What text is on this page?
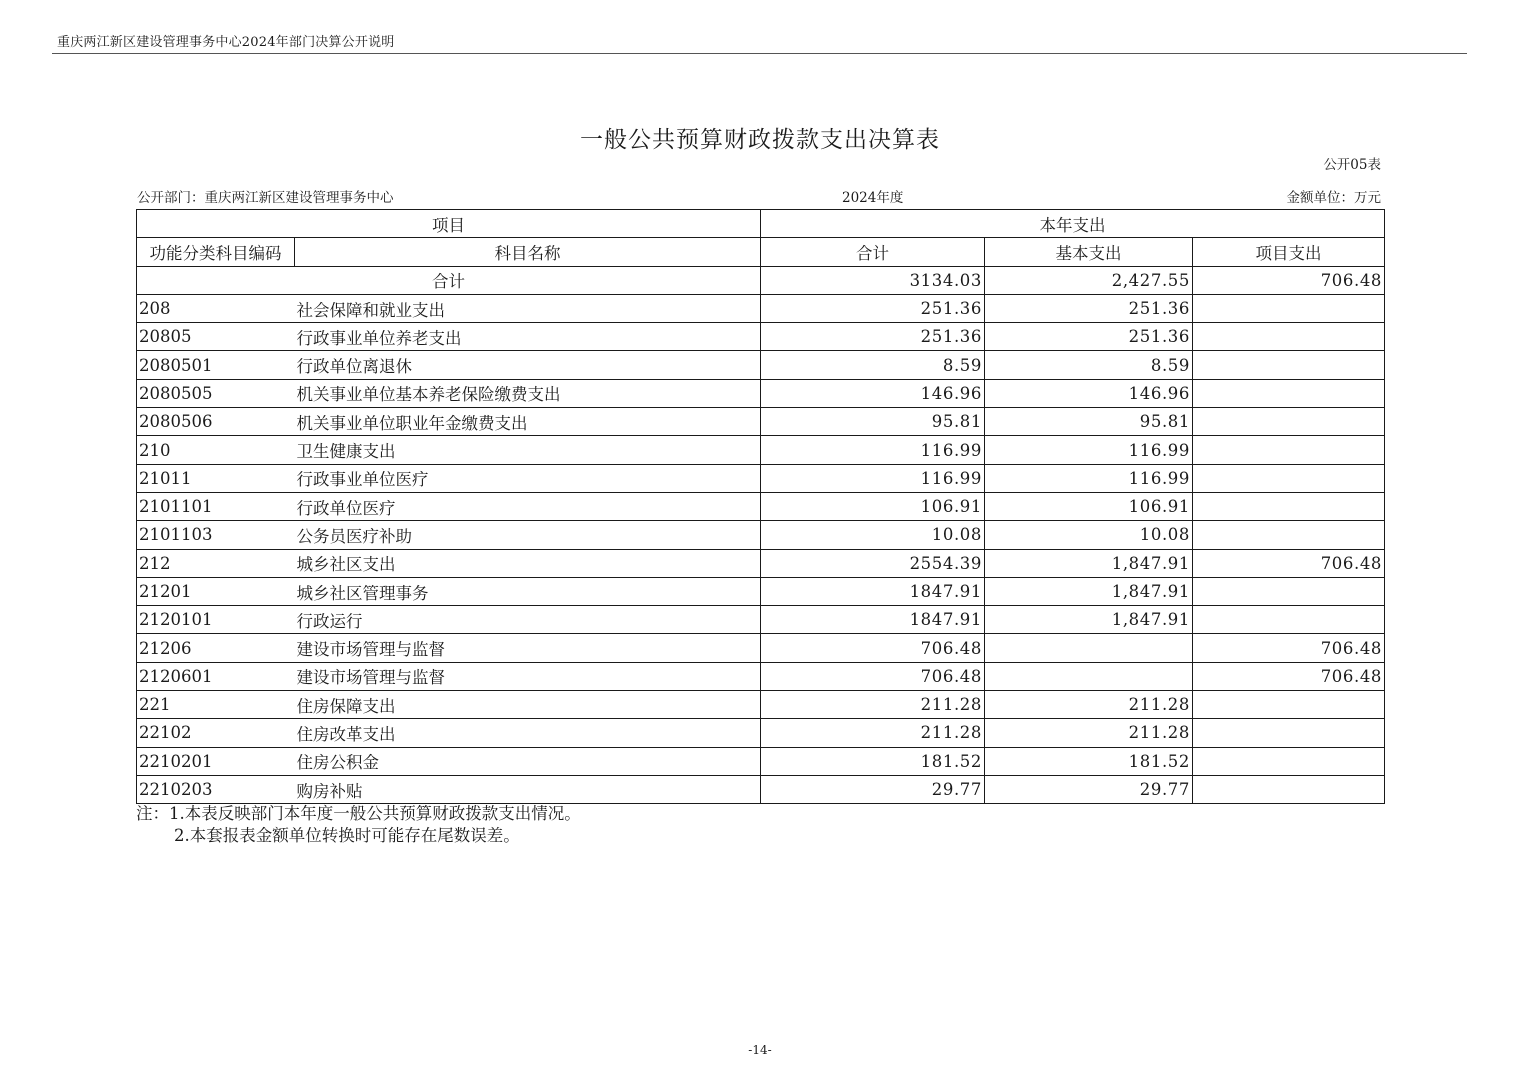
重庆两江新区建设管理事务中心2024年部门决算公开说明
一般公共预算财政拨款支出决算表
公开05表
公开部门：重庆两江新区建设管理事务中心	2024年度	金额单位：万元
项目		本年支出		
功能分类科目编码	科目名称	合计	基本支出	项目支出
合计		3134.03	2,427.55	706.48
208	社会保障和就业支出	251.36	251.36	
20805	行政事业单位养老支出	251.36	251.36	
2080501	行政单位离退休	8.59	8.59	
2080505	机关事业单位基本养老保险缴费支出	146.96	146.96	
2080506	机关事业单位职业年金缴费支出	95.81	95.81	
210	卫生健康支出	116.99	116.99	
21011	行政事业单位医疗	116.99	116.99	
2101101	行政单位医疗	106.91	106.91	
2101103	公务员医疗补助	10.08	10.08	
212	城乡社区支出	2554.39	1,847.91	706.48
21201	城乡社区管理事务	1847.91	1,847.91	
2120101	行政运行	1847.91	1,847.91	
21206	建设市场管理与监督	706.48		706.48
2120601	建设市场管理与监督	706.48		706.48
221	住房保障支出	211.28	211.28	
22102	住房改革支出	211.28	211.28	
2210201	住房公积金	181.52	181.52	
2210203	购房补贴	29.77	29.77	
注：1.本表反映部门本年度一般公共预算财政拨款支出情况。
2.本套报表金额单位转换时可能存在尾数误差。
-14-
